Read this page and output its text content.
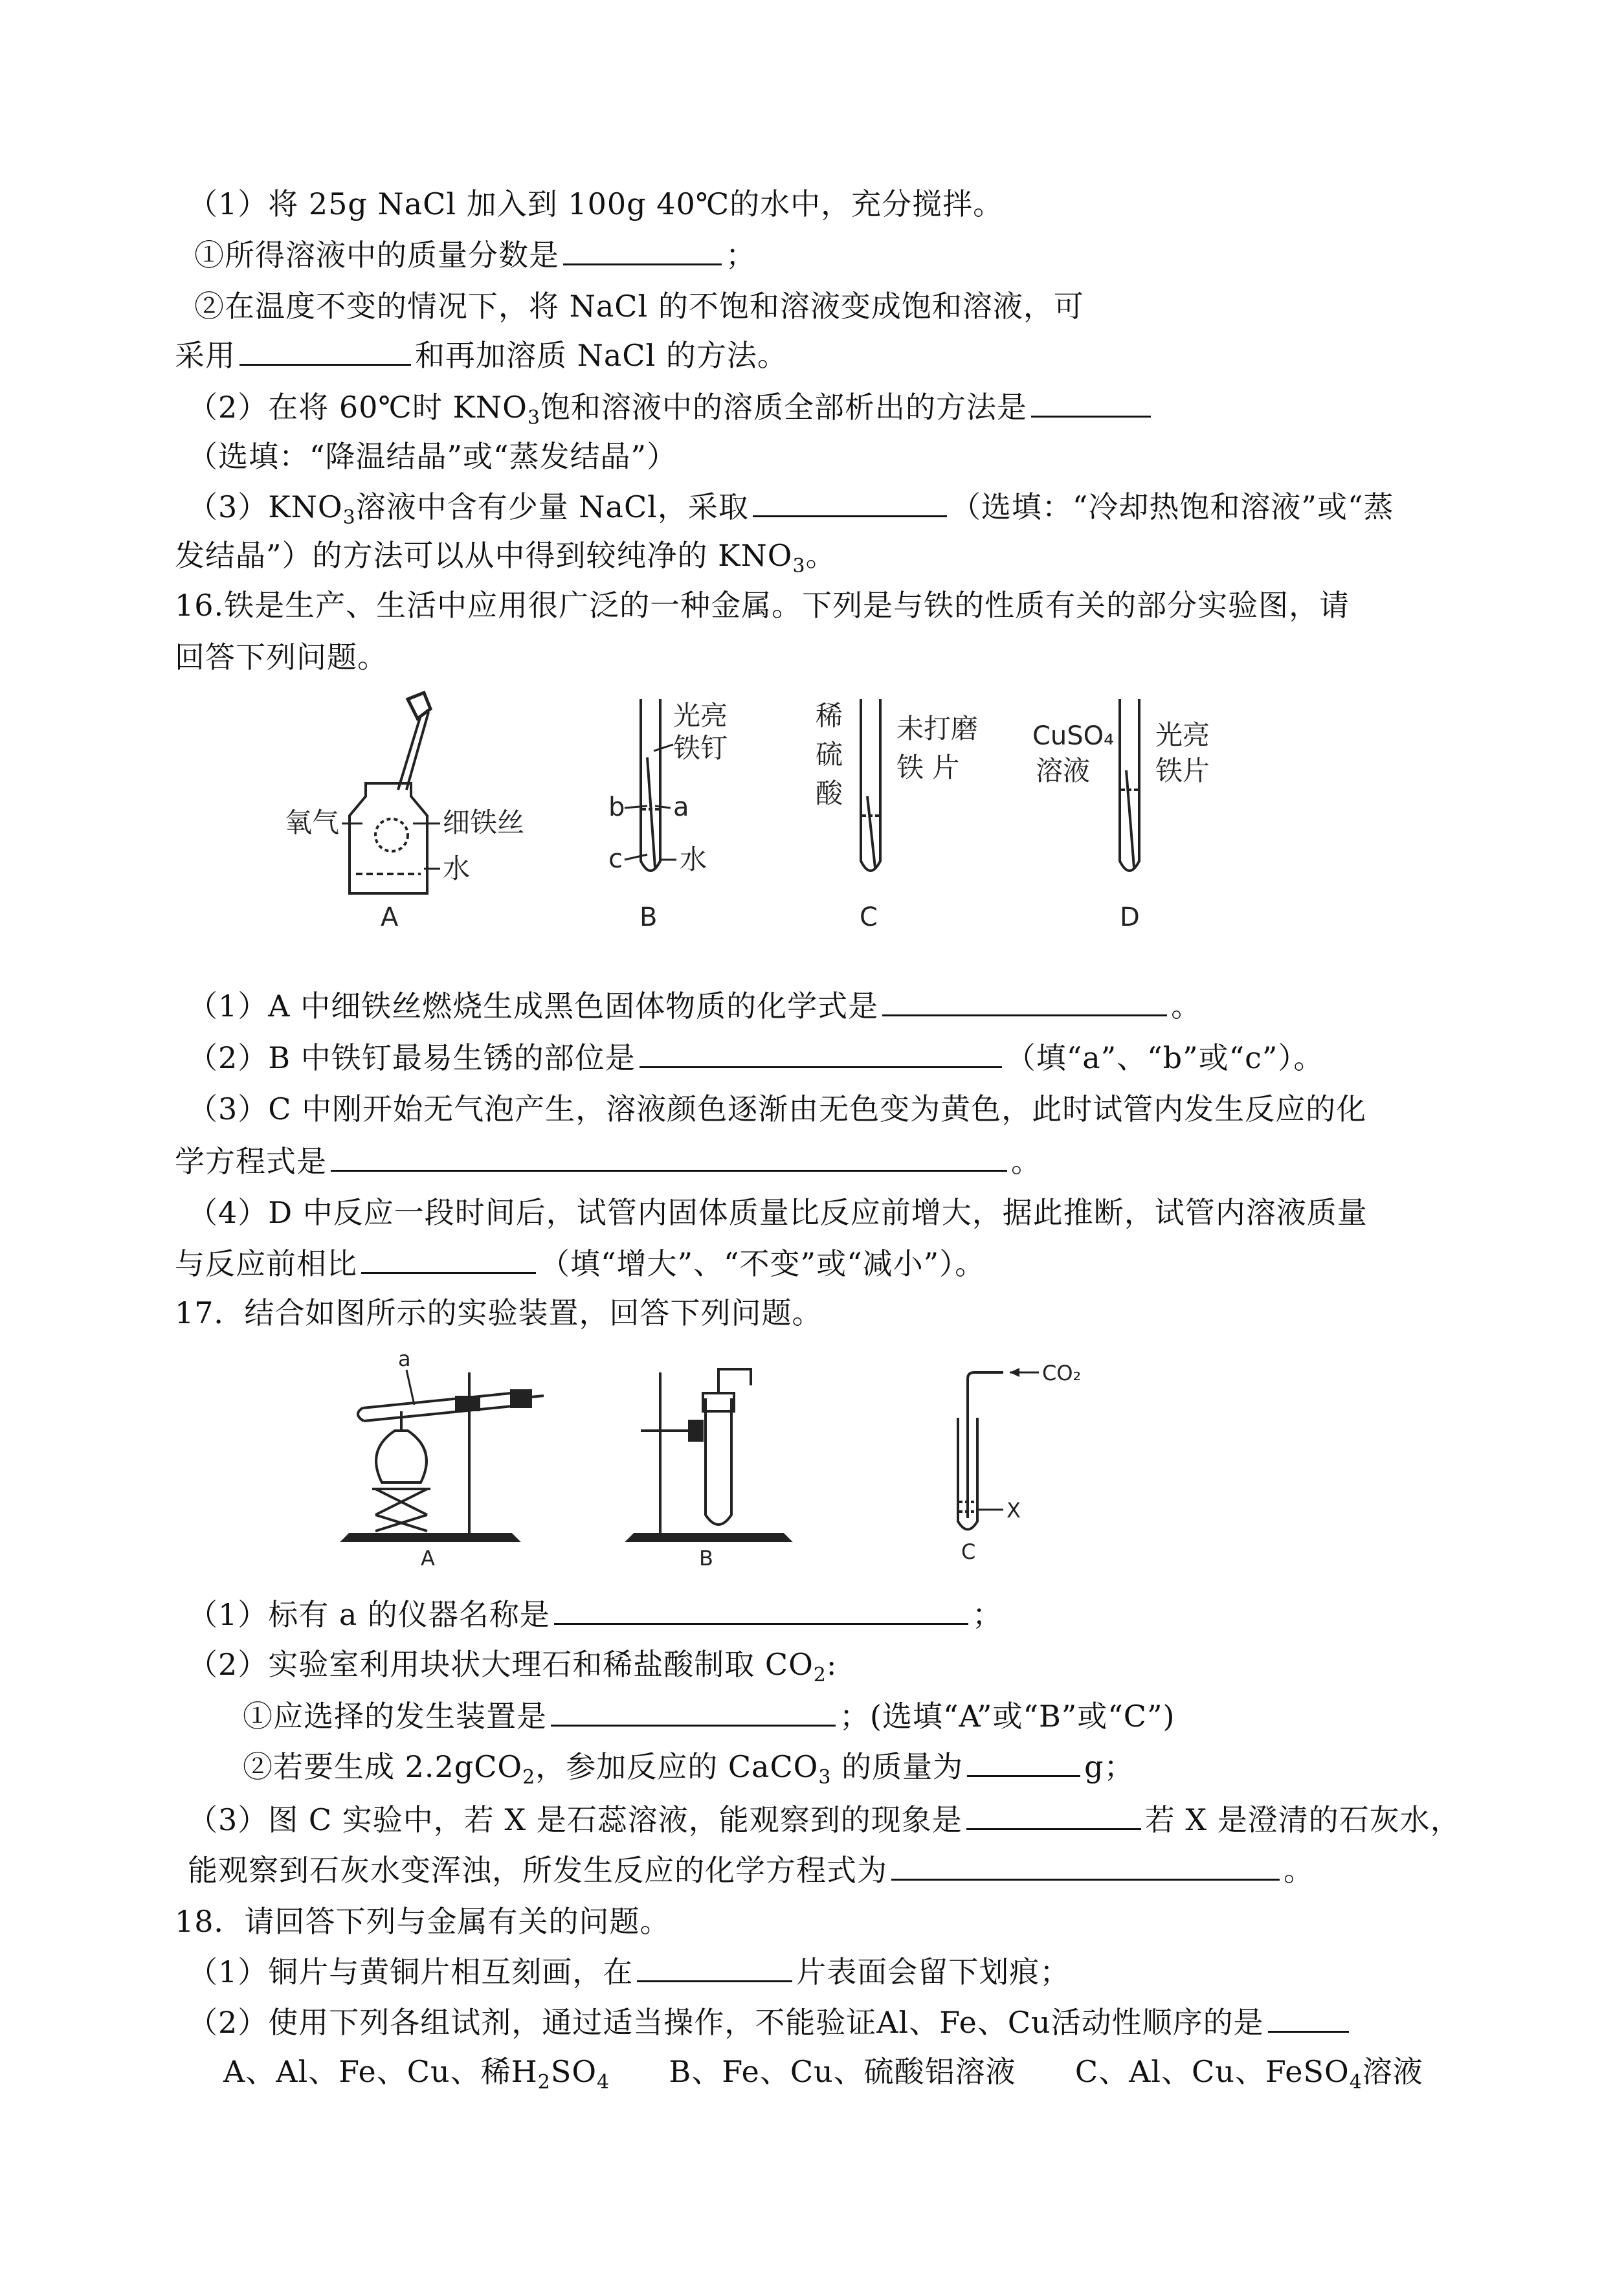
（1）将 25g NaCl 加入到 100g 40℃的水中，充分搅拌。
①所得溶液中的质量分数是	；
②在温度不变的情况下，将 NaCl 的不饱和溶液变成饱和溶液，可
采用	和再加溶质 NaCl 的方法。
（2）在将 60℃时 $KNO_3$饱和溶液中的溶质全部析出的方法是
（选填：“降温结晶”或“蒸发结晶”）
$(3)KNO_3$溶液中含有少量 NaCl，采取	（选填：“冷却热饱和溶液”或“蒸
发结晶”）的方法可以从中得到较纯净的 $KNO_3$。
16.铁是生产、生活中应用很广泛的一种金属。下列是与铁的性质有关的部分实验图，请
回答下列问题。
氧气	细铁丝
水
A
光亮
铁钉
b a
c 水
B
稀
硫
酸
未打磨
铁 片
C
CuSO₄
溶液
光亮
铁片
D
（1）A 中细铁丝燃烧生成黑色固体物质的化学式是	。
（2）B 中铁钉最易生锈的部位是	（填“a”、“b”或“c”）。
（3）C 中刚开始无气泡产生，溶液颜色逐渐由无色变为黄色，此时试管内发生反应的化
学方程式是	。
（4）D 中反应一段时间后，试管内固体质量比反应前增大，据此推断，试管内溶液质量
与反应前相比	（填“增大”、“不变”或“减小”）。
17．结合如图所示的实验装置，回答下列问题。
a
A	B
CO₂
X
C
（1）标有 a 的仪器名称是	；
（2）实验室利用块状大理石和稀盐酸制取 $CO_2$:
①应选择的发生装置是	；(选填“A”或“B”或“C”)
②若要生成 2.2gCO$_2$，参加反应的 CaCO$_3$ 的质量为	g；
（3）图 C 实验中，若 X 是石蕊溶液，能观察到的现象是	若 X 是澄清的石灰水，
能观察到石灰水变浑浊，所发生反应的化学方程式为	。
18．请回答下列与金属有关的问题。
（1）铜片与黄铜片相互刻画，在	片表面会留下划痕；
（2）使用下列各组试剂，通过适当操作，不能验证Al、Fe、Cu活动性顺序的是
A、Al、Fe、Cu、稀$H_2SO_4$ B、Fe、Cu、硫酸铝溶液 C、Al、Cu、FeSO$_4$溶液
